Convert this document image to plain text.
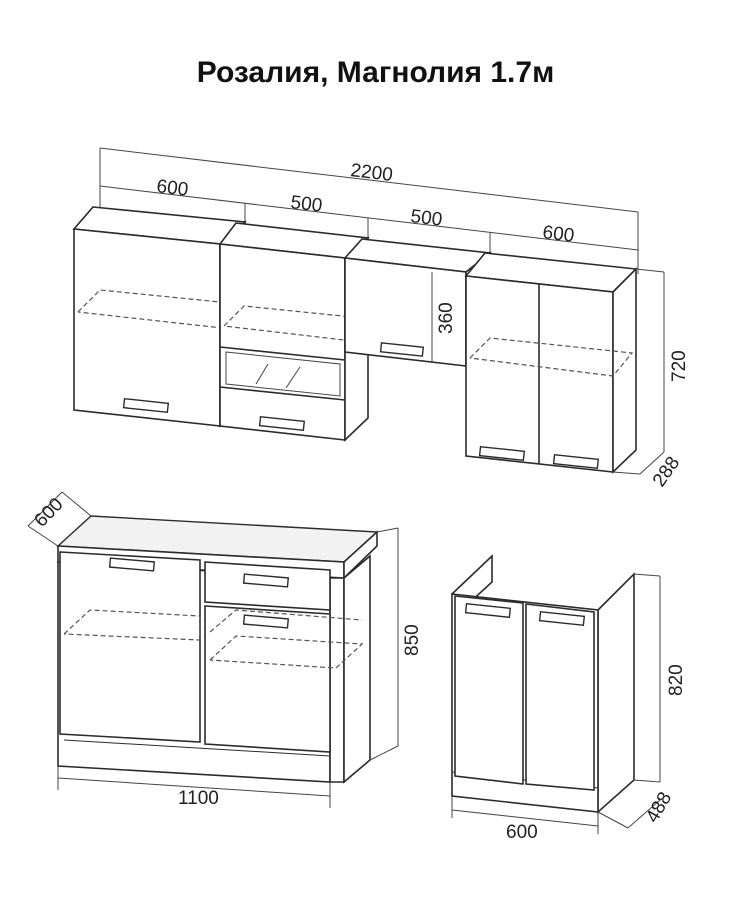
Розалия, Магнолия 1.7м
2200
600
500
500
600
360
720
288
600
850
1100
820
488
600
